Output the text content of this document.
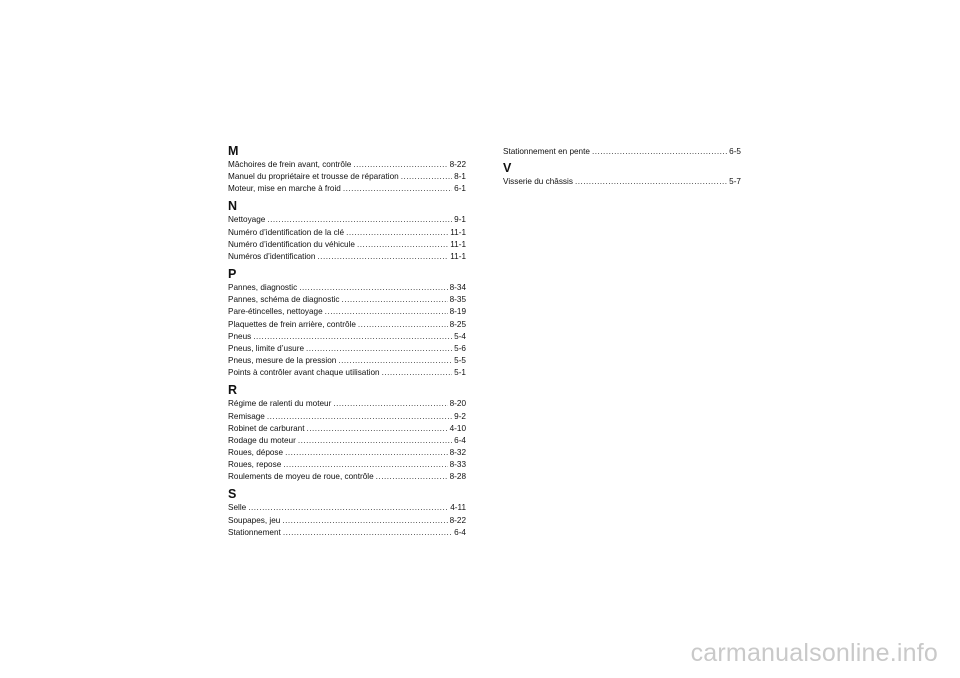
M
Mâchoires de frein avant, contrôle .....	8-22
Manuel du propriétaire et trousse de réparation .....	8-1
Moteur, mise en marche à froid .....	6-1
N
Nettoyage .....	9-1
Numéro d’identification de la clé .....	11-1
Numéro d’identification du véhicule .....	11-1
Numéros d’identification .....	11-1
P
Pannes, diagnostic .....	8-34
Pannes, schéma de diagnostic .....	8-35
Pare-étincelles, nettoyage .....	8-19
Plaquettes de frein arrière, contrôle .....	8-25
Pneus .....	5-4
Pneus, limite d’usure .....	5-6
Pneus, mesure de la pression .....	5-5
Points à contrôler avant chaque utilisation .....	5-1
R
Régime de ralenti du moteur .....	8-20
Remisage .....	9-2
Robinet de carburant .....	4-10
Rodage du moteur .....	6-4
Roues, dépose .....	8-32
Roues, repose .....	8-33
Roulements de moyeu de roue, contrôle .....	8-28
S
Selle .....	4-11
Soupapes, jeu .....	8-22
Stationnement .....	6-4
Stationnement en pente .....	6-5
V
Visserie du châssis .....	5-7
carmanualsonline.info
